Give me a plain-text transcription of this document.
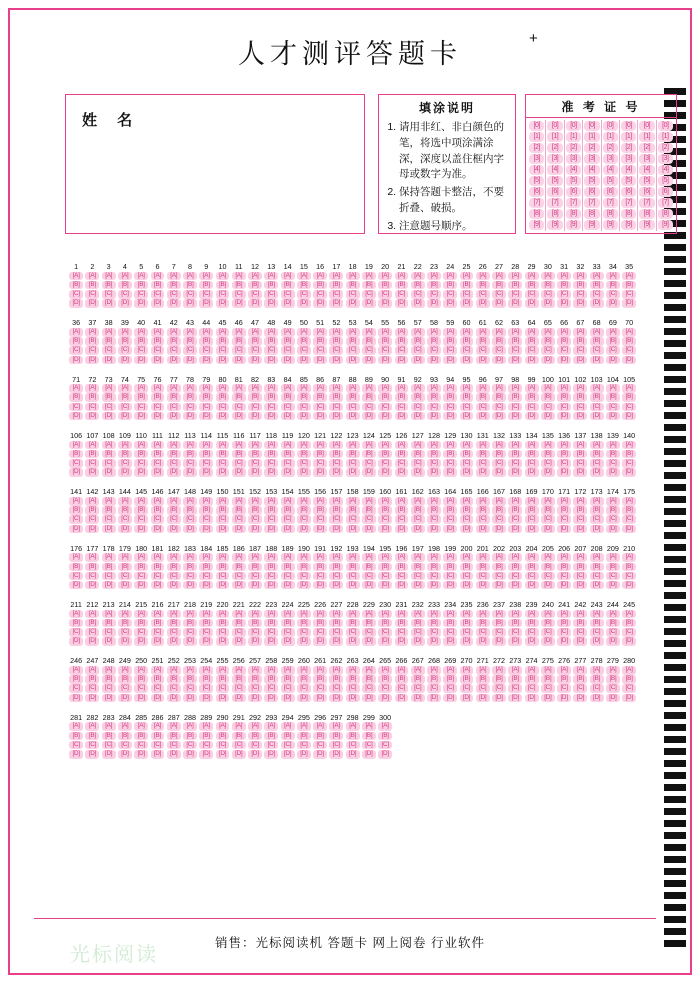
人才测评答题卡
+
姓 名
填涂说明
1. 请用非红、非白颜色的笔，将选中项涂满涂深，深度以盖住框内字母或数字为准。
2. 保持答题卡整洁，不要折叠、破损。
3. 注意题号顺序。
准 考 证 号
[0]
[1]
[2]
[3]
[4]
[5]
[6]
[7]
[8]
[9]
[0]
[1]
[2]
[3]
[4]
[5]
[6]
[7]
[8]
[9]
[0]
[1]
[2]
[3]
[4]
[5]
[6]
[7]
[8]
[9]
[0]
[1]
[2]
[3]
[4]
[5]
[6]
[7]
[8]
[9]
[0]
[1]
[2]
[3]
[4]
[5]
[6]
[7]
[8]
[9]
[0]
[1]
[2]
[3]
[4]
[5]
[6]
[7]
[8]
[9]
[0]
[1]
[2]
[3]
[4]
[5]
[6]
[7]
[8]
[9]
[0]
[1]
[2]
[3]
[4]
[5]
[6]
[7]
[8]
[9]
1
[A]
[B]
[C]
[D]
2
[A]
[B]
[C]
[D]
3
[A]
[B]
[C]
[D]
4
[A]
[B]
[C]
[D]
5
[A]
[B]
[C]
[D]
6
[A]
[B]
[C]
[D]
7
[A]
[B]
[C]
[D]
8
[A]
[B]
[C]
[D]
9
[A]
[B]
[C]
[D]
10
[A]
[B]
[C]
[D]
11
[A]
[B]
[C]
[D]
12
[A]
[B]
[C]
[D]
13
[A]
[B]
[C]
[D]
14
[A]
[B]
[C]
[D]
15
[A]
[B]
[C]
[D]
16
[A]
[B]
[C]
[D]
17
[A]
[B]
[C]
[D]
18
[A]
[B]
[C]
[D]
19
[A]
[B]
[C]
[D]
20
[A]
[B]
[C]
[D]
21
[A]
[B]
[C]
[D]
22
[A]
[B]
[C]
[D]
23
[A]
[B]
[C]
[D]
24
[A]
[B]
[C]
[D]
25
[A]
[B]
[C]
[D]
26
[A]
[B]
[C]
[D]
27
[A]
[B]
[C]
[D]
28
[A]
[B]
[C]
[D]
29
[A]
[B]
[C]
[D]
30
[A]
[B]
[C]
[D]
31
[A]
[B]
[C]
[D]
32
[A]
[B]
[C]
[D]
33
[A]
[B]
[C]
[D]
34
[A]
[B]
[C]
[D]
35
[A]
[B]
[C]
[D]
36
[A]
[B]
[C]
[D]
37
[A]
[B]
[C]
[D]
38
[A]
[B]
[C]
[D]
39
[A]
[B]
[C]
[D]
40
[A]
[B]
[C]
[D]
41
[A]
[B]
[C]
[D]
42
[A]
[B]
[C]
[D]
43
[A]
[B]
[C]
[D]
44
[A]
[B]
[C]
[D]
45
[A]
[B]
[C]
[D]
46
[A]
[B]
[C]
[D]
47
[A]
[B]
[C]
[D]
48
[A]
[B]
[C]
[D]
49
[A]
[B]
[C]
[D]
50
[A]
[B]
[C]
[D]
51
[A]
[B]
[C]
[D]
52
[A]
[B]
[C]
[D]
53
[A]
[B]
[C]
[D]
54
[A]
[B]
[C]
[D]
55
[A]
[B]
[C]
[D]
56
[A]
[B]
[C]
[D]
57
[A]
[B]
[C]
[D]
58
[A]
[B]
[C]
[D]
59
[A]
[B]
[C]
[D]
60
[A]
[B]
[C]
[D]
61
[A]
[B]
[C]
[D]
62
[A]
[B]
[C]
[D]
63
[A]
[B]
[C]
[D]
64
[A]
[B]
[C]
[D]
65
[A]
[B]
[C]
[D]
66
[A]
[B]
[C]
[D]
67
[A]
[B]
[C]
[D]
68
[A]
[B]
[C]
[D]
69
[A]
[B]
[C]
[D]
70
[A]
[B]
[C]
[D]
71
[A]
[B]
[C]
[D]
72
[A]
[B]
[C]
[D]
73
[A]
[B]
[C]
[D]
74
[A]
[B]
[C]
[D]
75
[A]
[B]
[C]
[D]
76
[A]
[B]
[C]
[D]
77
[A]
[B]
[C]
[D]
78
[A]
[B]
[C]
[D]
79
[A]
[B]
[C]
[D]
80
[A]
[B]
[C]
[D]
81
[A]
[B]
[C]
[D]
82
[A]
[B]
[C]
[D]
83
[A]
[B]
[C]
[D]
84
[A]
[B]
[C]
[D]
85
[A]
[B]
[C]
[D]
86
[A]
[B]
[C]
[D]
87
[A]
[B]
[C]
[D]
88
[A]
[B]
[C]
[D]
89
[A]
[B]
[C]
[D]
90
[A]
[B]
[C]
[D]
91
[A]
[B]
[C]
[D]
92
[A]
[B]
[C]
[D]
93
[A]
[B]
[C]
[D]
94
[A]
[B]
[C]
[D]
95
[A]
[B]
[C]
[D]
96
[A]
[B]
[C]
[D]
97
[A]
[B]
[C]
[D]
98
[A]
[B]
[C]
[D]
99
[A]
[B]
[C]
[D]
100
[A]
[B]
[C]
[D]
101
[A]
[B]
[C]
[D]
102
[A]
[B]
[C]
[D]
103
[A]
[B]
[C]
[D]
104
[A]
[B]
[C]
[D]
105
[A]
[B]
[C]
[D]
106
[A]
[B]
[C]
[D]
107
[A]
[B]
[C]
[D]
108
[A]
[B]
[C]
[D]
109
[A]
[B]
[C]
[D]
110
[A]
[B]
[C]
[D]
111
[A]
[B]
[C]
[D]
112
[A]
[B]
[C]
[D]
113
[A]
[B]
[C]
[D]
114
[A]
[B]
[C]
[D]
115
[A]
[B]
[C]
[D]
116
[A]
[B]
[C]
[D]
117
[A]
[B]
[C]
[D]
118
[A]
[B]
[C]
[D]
119
[A]
[B]
[C]
[D]
120
[A]
[B]
[C]
[D]
121
[A]
[B]
[C]
[D]
122
[A]
[B]
[C]
[D]
123
[A]
[B]
[C]
[D]
124
[A]
[B]
[C]
[D]
125
[A]
[B]
[C]
[D]
126
[A]
[B]
[C]
[D]
127
[A]
[B]
[C]
[D]
128
[A]
[B]
[C]
[D]
129
[A]
[B]
[C]
[D]
130
[A]
[B]
[C]
[D]
131
[A]
[B]
[C]
[D]
132
[A]
[B]
[C]
[D]
133
[A]
[B]
[C]
[D]
134
[A]
[B]
[C]
[D]
135
[A]
[B]
[C]
[D]
136
[A]
[B]
[C]
[D]
137
[A]
[B]
[C]
[D]
138
[A]
[B]
[C]
[D]
139
[A]
[B]
[C]
[D]
140
[A]
[B]
[C]
[D]
141
[A]
[B]
[C]
[D]
142
[A]
[B]
[C]
[D]
143
[A]
[B]
[C]
[D]
144
[A]
[B]
[C]
[D]
145
[A]
[B]
[C]
[D]
146
[A]
[B]
[C]
[D]
147
[A]
[B]
[C]
[D]
148
[A]
[B]
[C]
[D]
149
[A]
[B]
[C]
[D]
150
[A]
[B]
[C]
[D]
151
[A]
[B]
[C]
[D]
152
[A]
[B]
[C]
[D]
153
[A]
[B]
[C]
[D]
154
[A]
[B]
[C]
[D]
155
[A]
[B]
[C]
[D]
156
[A]
[B]
[C]
[D]
157
[A]
[B]
[C]
[D]
158
[A]
[B]
[C]
[D]
159
[A]
[B]
[C]
[D]
160
[A]
[B]
[C]
[D]
161
[A]
[B]
[C]
[D]
162
[A]
[B]
[C]
[D]
163
[A]
[B]
[C]
[D]
164
[A]
[B]
[C]
[D]
165
[A]
[B]
[C]
[D]
166
[A]
[B]
[C]
[D]
167
[A]
[B]
[C]
[D]
168
[A]
[B]
[C]
[D]
169
[A]
[B]
[C]
[D]
170
[A]
[B]
[C]
[D]
171
[A]
[B]
[C]
[D]
172
[A]
[B]
[C]
[D]
173
[A]
[B]
[C]
[D]
174
[A]
[B]
[C]
[D]
175
[A]
[B]
[C]
[D]
176
[A]
[B]
[C]
[D]
177
[A]
[B]
[C]
[D]
178
[A]
[B]
[C]
[D]
179
[A]
[B]
[C]
[D]
180
[A]
[B]
[C]
[D]
181
[A]
[B]
[C]
[D]
182
[A]
[B]
[C]
[D]
183
[A]
[B]
[C]
[D]
184
[A]
[B]
[C]
[D]
185
[A]
[B]
[C]
[D]
186
[A]
[B]
[C]
[D]
187
[A]
[B]
[C]
[D]
188
[A]
[B]
[C]
[D]
189
[A]
[B]
[C]
[D]
190
[A]
[B]
[C]
[D]
191
[A]
[B]
[C]
[D]
192
[A]
[B]
[C]
[D]
193
[A]
[B]
[C]
[D]
194
[A]
[B]
[C]
[D]
195
[A]
[B]
[C]
[D]
196
[A]
[B]
[C]
[D]
197
[A]
[B]
[C]
[D]
198
[A]
[B]
[C]
[D]
199
[A]
[B]
[C]
[D]
200
[A]
[B]
[C]
[D]
201
[A]
[B]
[C]
[D]
202
[A]
[B]
[C]
[D]
203
[A]
[B]
[C]
[D]
204
[A]
[B]
[C]
[D]
205
[A]
[B]
[C]
[D]
206
[A]
[B]
[C]
[D]
207
[A]
[B]
[C]
[D]
208
[A]
[B]
[C]
[D]
209
[A]
[B]
[C]
[D]
210
[A]
[B]
[C]
[D]
211
[A]
[B]
[C]
[D]
212
[A]
[B]
[C]
[D]
213
[A]
[B]
[C]
[D]
214
[A]
[B]
[C]
[D]
215
[A]
[B]
[C]
[D]
216
[A]
[B]
[C]
[D]
217
[A]
[B]
[C]
[D]
218
[A]
[B]
[C]
[D]
219
[A]
[B]
[C]
[D]
220
[A]
[B]
[C]
[D]
221
[A]
[B]
[C]
[D]
222
[A]
[B]
[C]
[D]
223
[A]
[B]
[C]
[D]
224
[A]
[B]
[C]
[D]
225
[A]
[B]
[C]
[D]
226
[A]
[B]
[C]
[D]
227
[A]
[B]
[C]
[D]
228
[A]
[B]
[C]
[D]
229
[A]
[B]
[C]
[D]
230
[A]
[B]
[C]
[D]
231
[A]
[B]
[C]
[D]
232
[A]
[B]
[C]
[D]
233
[A]
[B]
[C]
[D]
234
[A]
[B]
[C]
[D]
235
[A]
[B]
[C]
[D]
236
[A]
[B]
[C]
[D]
237
[A]
[B]
[C]
[D]
238
[A]
[B]
[C]
[D]
239
[A]
[B]
[C]
[D]
240
[A]
[B]
[C]
[D]
241
[A]
[B]
[C]
[D]
242
[A]
[B]
[C]
[D]
243
[A]
[B]
[C]
[D]
244
[A]
[B]
[C]
[D]
245
[A]
[B]
[C]
[D]
246
[A]
[B]
[C]
[D]
247
[A]
[B]
[C]
[D]
248
[A]
[B]
[C]
[D]
249
[A]
[B]
[C]
[D]
250
[A]
[B]
[C]
[D]
251
[A]
[B]
[C]
[D]
252
[A]
[B]
[C]
[D]
253
[A]
[B]
[C]
[D]
254
[A]
[B]
[C]
[D]
255
[A]
[B]
[C]
[D]
256
[A]
[B]
[C]
[D]
257
[A]
[B]
[C]
[D]
258
[A]
[B]
[C]
[D]
259
[A]
[B]
[C]
[D]
260
[A]
[B]
[C]
[D]
261
[A]
[B]
[C]
[D]
262
[A]
[B]
[C]
[D]
263
[A]
[B]
[C]
[D]
264
[A]
[B]
[C]
[D]
265
[A]
[B]
[C]
[D]
266
[A]
[B]
[C]
[D]
267
[A]
[B]
[C]
[D]
268
[A]
[B]
[C]
[D]
269
[A]
[B]
[C]
[D]
270
[A]
[B]
[C]
[D]
271
[A]
[B]
[C]
[D]
272
[A]
[B]
[C]
[D]
273
[A]
[B]
[C]
[D]
274
[A]
[B]
[C]
[D]
275
[A]
[B]
[C]
[D]
276
[A]
[B]
[C]
[D]
277
[A]
[B]
[C]
[D]
278
[A]
[B]
[C]
[D]
279
[A]
[B]
[C]
[D]
280
[A]
[B]
[C]
[D]
281
[A]
[B]
[C]
[D]
282
[A]
[B]
[C]
[D]
283
[A]
[B]
[C]
[D]
284
[A]
[B]
[C]
[D]
285
[A]
[B]
[C]
[D]
286
[A]
[B]
[C]
[D]
287
[A]
[B]
[C]
[D]
288
[A]
[B]
[C]
[D]
289
[A]
[B]
[C]
[D]
290
[A]
[B]
[C]
[D]
291
[A]
[B]
[C]
[D]
292
[A]
[B]
[C]
[D]
293
[A]
[B]
[C]
[D]
294
[A]
[B]
[C]
[D]
295
[A]
[B]
[C]
[D]
296
[A]
[B]
[C]
[D]
297
[A]
[B]
[C]
[D]
298
[A]
[B]
[C]
[D]
299
[A]
[B]
[C]
[D]
300
[A]
[B]
[C]
[D]
光标阅读	销售：光标阅读机 答题卡 网上阅卷 行业软件
